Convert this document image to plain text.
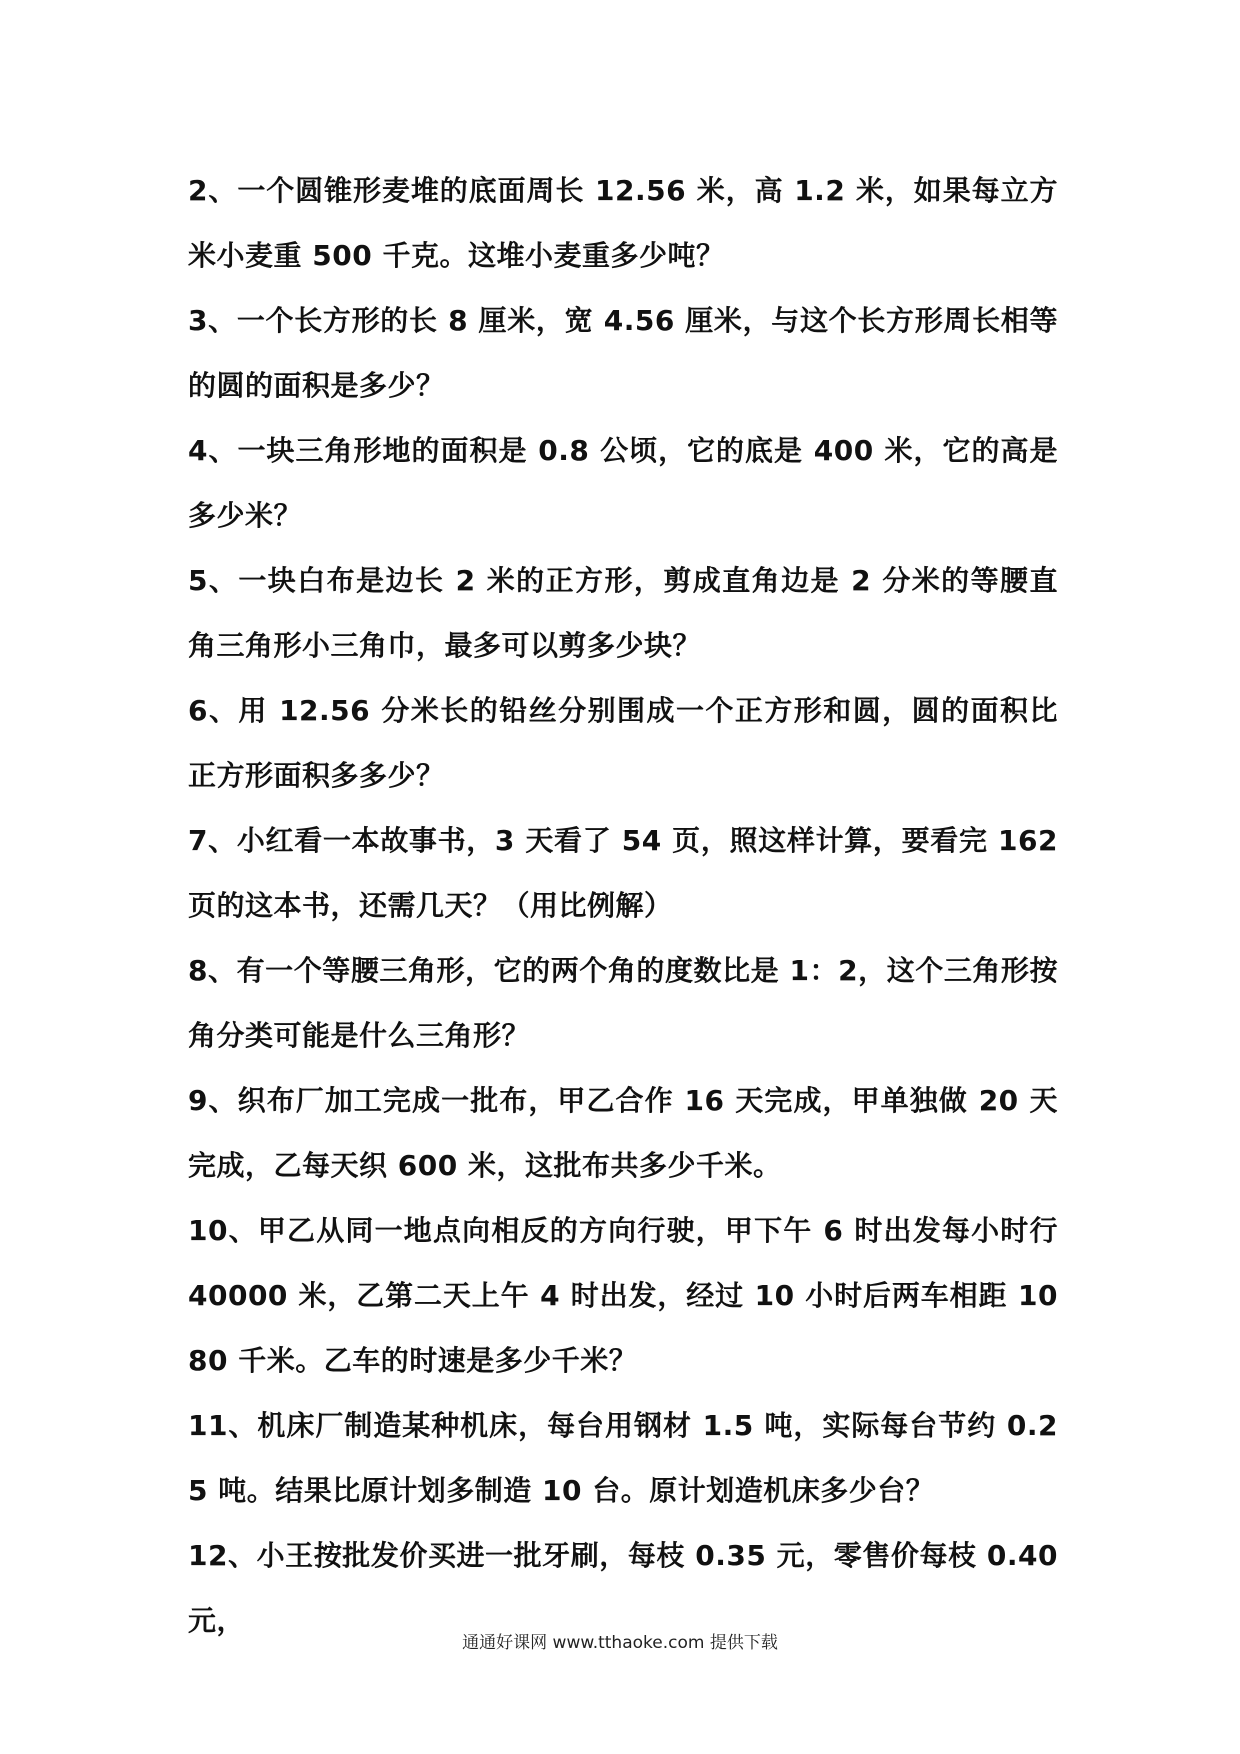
2、一个圆锥形麦堆的底面周长 12.56 米，高 1.2 米，如果每立方米小麦重 500 千克。这堆小麦重多少吨？

3、一个长方形的长 8 厘米，宽 4.56 厘米，与这个长方形周长相等的圆的面积是多少？

4、一块三角形地的面积是 0.8 公顷，它的底是 400 米，它的高是多少米？

5、一块白布是边长 2 米的正方形，剪成直角边是 2 分米的等腰直角三角形小三角巾，最多可以剪多少块？

6、用 12.56 分米长的铅丝分别围成一个正方形和圆，圆的面积比正方形面积多多少？

7、小红看一本故事书，3 天看了 54 页，照这样计算，要看完 162 页的这本书，还需几天？（用比例解）

8、有一个等腰三角形，它的两个角的度数比是 1：2，这个三角形按角分类可能是什么三角形？

9、织布厂加工完成一批布，甲乙合作 16 天完成，甲单独做 20 天完成，乙每天织 600 米，这批布共多少千米。

10、甲乙从同一地点向相反的方向行驶，甲下午 6 时出发每小时行 40000 米，乙第二天上午 4 时出发，经过 10 小时后两车相距 1080 千米。乙车的时速是多少千米？

11、机床厂制造某种机床，每台用钢材 1.5 吨，实际每台节约 0.25 吨。结果比原计划多制造 10 台。原计划造机床多少台？

12、小王按批发价买进一批牙刷，每枝 0.35 元，零售价每枝 0.40 元，

通通好课网 www.tthaoke.com 提供下载
